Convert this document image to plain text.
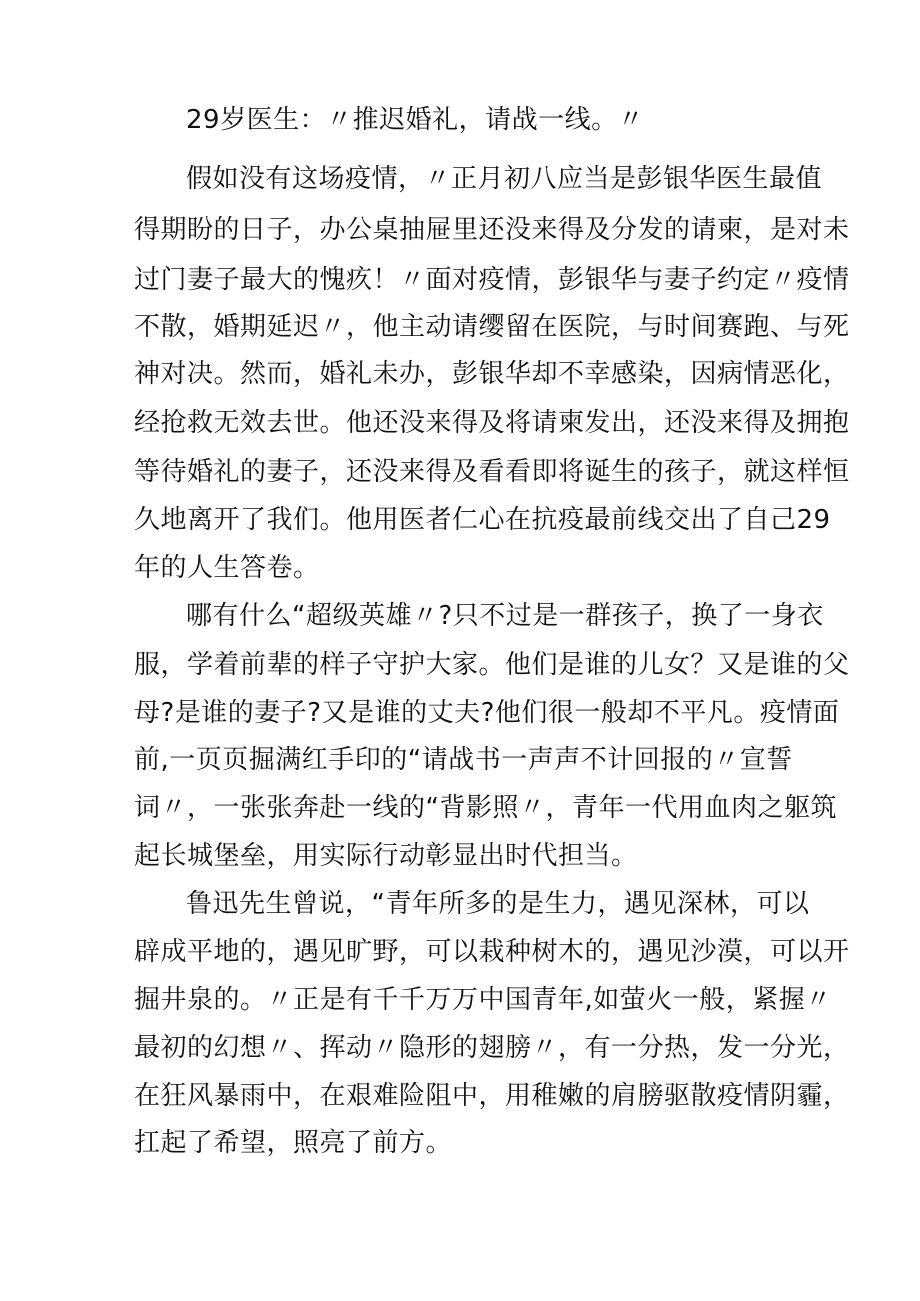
29岁医生：〃推迟婚礼，请战一线。〃

假如没有这场疫情，〃正月初八应当是彭银华医生最值

得期盼的日子，办公桌抽屉里还没来得及分发的请柬，是对未

过门妻子最大的愧疚！〃面对疫情，彭银华与妻子约定〃疫情

不散，婚期延迟〃，他主动请缨留在医院，与时间赛跑、与死

神对决。然而，婚礼未办，彭银华却不幸感染，因病情恶化，

经抢救无效去世。他还没来得及将请柬发出，还没来得及拥抱

等待婚礼的妻子，还没来得及看看即将诞生的孩子，就这样恒

久地离开了我们。他用医者仁心在抗疫最前线交出了自己29

年的人生答卷。

哪有什么“超级英雄〃?只不过是一群孩子，换了一身衣

服，学着前辈的样子守护大家。他们是谁的儿女？又是谁的父

母?是谁的妻子?又是谁的丈夫?他们很一般却不平凡。疫情面

前,一页页掘满红手印的“请战书一声声不计回报的〃宣誓

词〃，一张张奔赴一线的“背影照〃，青年一代用血肉之躯筑

起长城堡垒，用实际行动彰显出时代担当。

鲁迅先生曾说，“青年所多的是生力，遇见深林，可以

辟成平地的，遇见旷野，可以栽种树木的，遇见沙漠，可以开

掘井泉的。〃正是有千千万万中国青年,如萤火一般，紧握〃

最初的幻想〃、挥动〃隐形的翅膀〃，有一分热，发一分光，

在狂风暴雨中，在艰难险阻中，用稚嫩的肩膀驱散疫情阴霾，

扛起了希望，照亮了前方。
